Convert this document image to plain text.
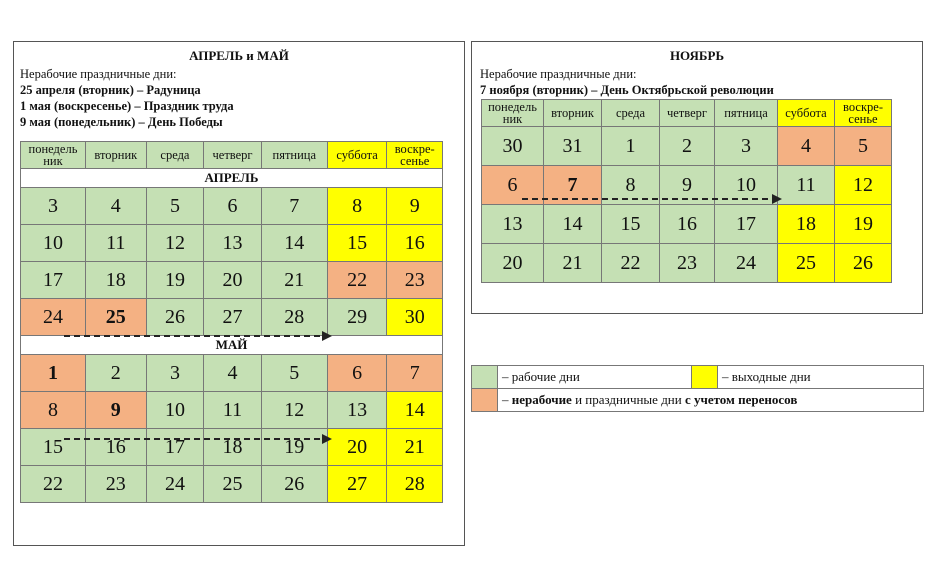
АПРЕЛЬ и МАЙ
Нерабочие праздничные дни:
25 апреля (вторник) – Радуница
1 мая (воскресенье) – Праздник труда
9 мая (понедельник) – День Победы
понедель ник	вторник	среда	четверг	пятница	суббота	воскре- сенье
АПРЕЛЬ						
3	4	5	6	7	8	9
10	11	12	13	14	15	16
17	18	19	20	21	22	23
24	25	26	27	28	29	30
МАЙ						
1	2	3	4	5	6	7
8	9	10	11	12	13	14
15	16	17	18	19	20	21
22	23	24	25	26	27	28
НОЯБРЬ
Нерабочие праздничные дни:
7 ноября (вторник) – День Октябрьской революции
понедель ник	вторник	среда	четверг	пятница	суббота	воскре- сенье
30	31	1	2	3	4	5
6	7	8	9	10	11	12
13	14	15	16	17	18	19
20	21	22	23	24	25	26
	– рабочие дни		– выходные дни
	– нерабочие и праздничные дни с учетом переносов		
